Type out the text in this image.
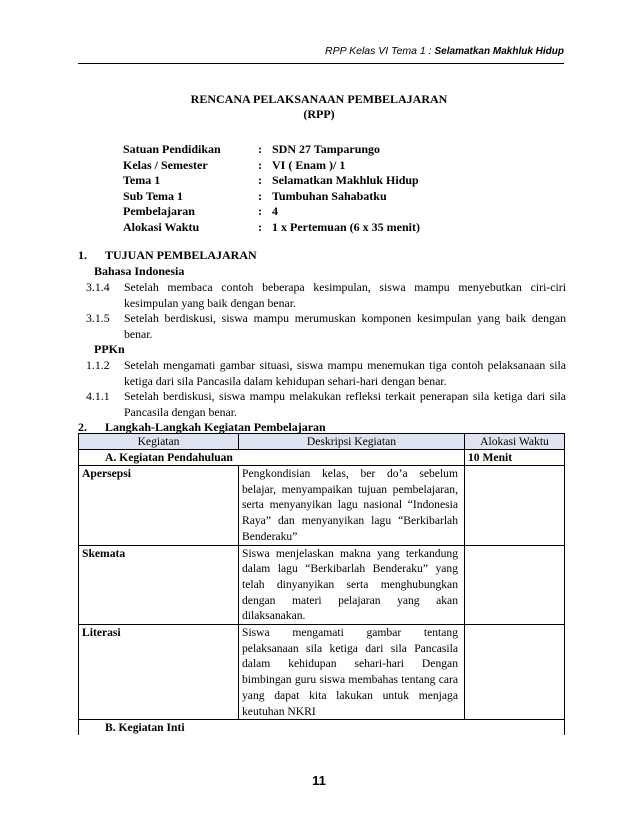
RPP Kelas VI Tema 1 : Selamatkan Makhluk Hidup
RENCANA PELAKSANAAN PEMBELAJARAN
(RPP)
Satuan Pendidikan	:	SDN 27 Tamparungo
Kelas / Semester	:	VI ( Enam )/ 1
Tema 1	:	Selamatkan Makhluk Hidup
Sub Tema 1	:	Tumbuhan Sahabatku
Pembelajaran	:	4
Alokasi Waktu	:	1 x Pertemuan (6 x 35 menit)
1. TUJUAN PEMBELAJARAN
Bahasa Indonesia
3.1.4 Setelah membaca contoh beberapa kesimpulan, siswa mampu menyebutkan ciri-ciri kesimpulan yang baik dengan benar.
3.1.5 Setelah berdiskusi, siswa mampu merumuskan komponen kesimpulan yang baik dengan benar.
PPKn
1.1.2 Setelah mengamati gambar situasi, siswa mampu menemukan tiga contoh pelaksanaan sila ketiga dari sila Pancasila dalam kehidupan sehari-hari dengan benar.
4.1.1 Setelah berdiskusi, siswa mampu melakukan refleksi terkait penerapan sila ketiga dari sila Pancasila dengan benar.
2. Langkah-Langkah Kegiatan Pembelajaran
Kegiatan	Deskripsi Kegiatan	Alokasi Waktu
A. Kegiatan Pendahuluan		10 Menit
Apersepsi	Pengkondisian kelas, ber do’a sebelum belajar, menyampaikan tujuan pembelajaran, serta menyanyikan lagu nasional “Indonesia Raya” dan menyanyikan lagu “Berkibarlah Benderaku”	
Skemata	Siswa menjelaskan makna yang terkandung dalam lagu “Berkibarlah Benderaku” yang telah dinyanyikan serta menghubungkan dengan materi pelajaran yang akan dilaksanakan.	
Literasi	Siswa mengamati gambar tentang pelaksanaan sila ketiga dari sila Pancasila dalam kehidupan sehari-hari Dengan bimbingan guru siswa membahas tentang cara yang dapat kita lakukan untuk menjaga keutuhan NKRI	
B. Kegiatan Inti		
11
